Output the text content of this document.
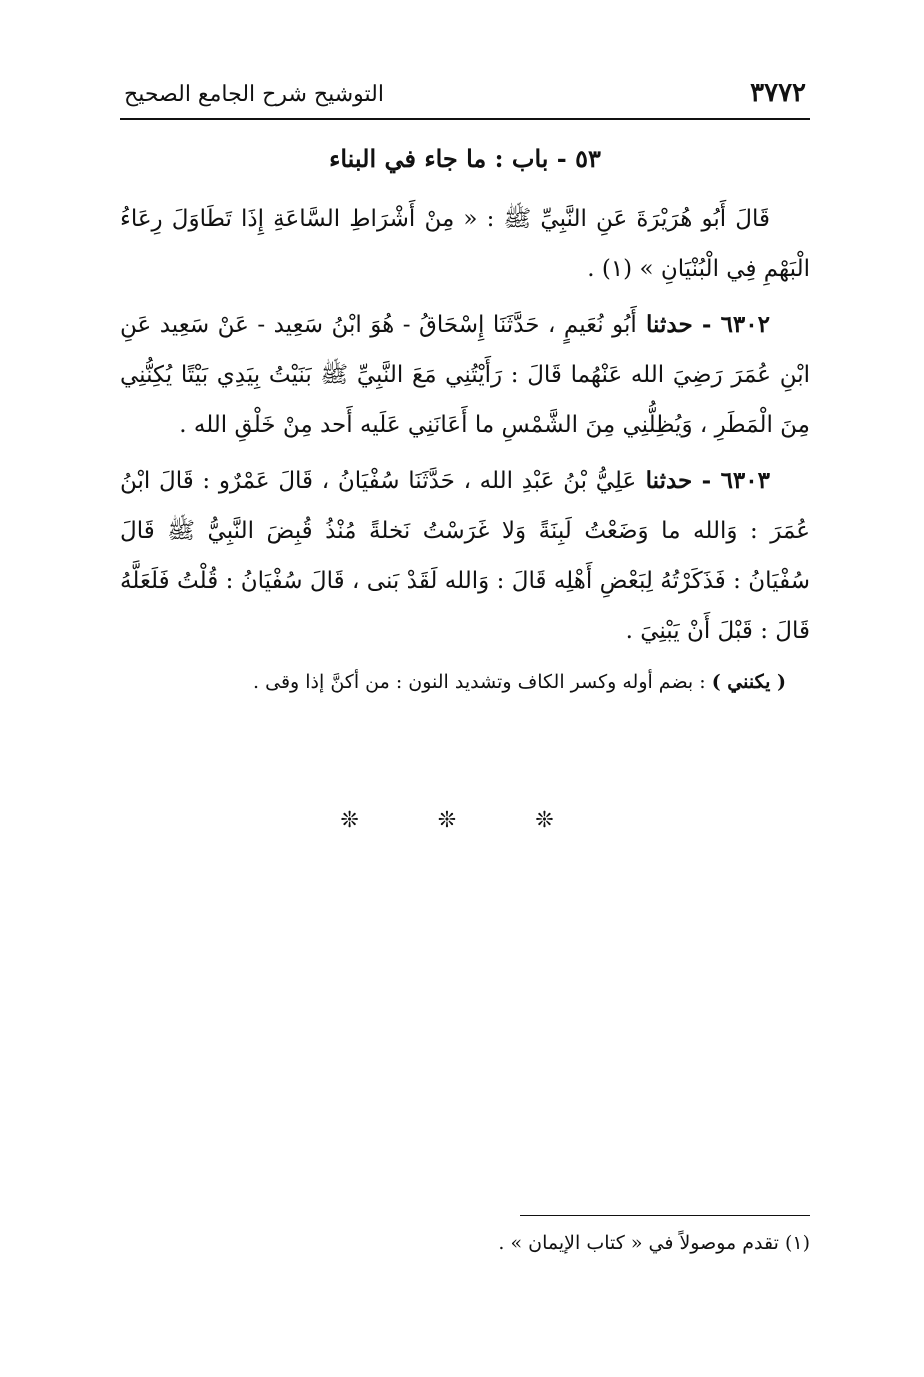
٣٧٧٢
التوشيح شرح الجامع الصحيح
٥٣ - باب : ما جاء في البناء

قَالَ أَبُو هُرَيْرَةَ عَنِ النَّبِيِّ ﷺ : « مِنْ أَشْرَاطِ السَّاعَةِ إِذَا تَطَاوَلَ رِعَاءُ الْبَهْمِ فِي الْبُنْيَانِ » (١) .

٦٣٠٢ - حدثنا أَبُو نُعَيمٍ ، حَدَّثَنَا إِسْحَاقُ - هُوَ ابْنُ سَعِيد - عَنْ سَعِيد عَنِ ابْنِ عُمَرَ رَضِيَ الله عَنْهُما قَالَ : رَأَيْتُنِي مَعَ النَّبِيِّ ﷺ بَنَيْتُ بِيَدِي بَيْتًا يُكِنُّنِي مِنَ الْمَطَرِ ، وَيُظِلُّنِي مِنَ الشَّمْسِ ما أَعَانَنِي عَلَيه أَحد مِنْ خَلْقِ الله .

٦٣٠٣ - حدثنا عَلِيُّ بْنُ عَبْدِ الله ، حَدَّثَنَا سُفْيَانُ ، قَالَ عَمْرٌو : قَالَ ابْنُ عُمَرَ : وَالله ما وَضَعْتُ لَبِنَةً وَلا غَرَسْتُ نَخلةً مُنْذُ قُبِضَ النَّبِيُّ ﷺ قَالَ سُفْيَانُ : فَذَكَرْتُهُ لِبَعْضِ أَهْلِه قَالَ : وَالله لَقَدْ بَنى ، قَالَ سُفْيَانُ : قُلْتُ فَلَعَلَّهُ قَالَ : قَبْلَ أَنْ يَبْنِيَ .

( يكنني ) : بضم أوله وكسر الكاف وتشديد النون : من أكنَّ إذا وقى .

❊ ❊ ❊
(١) تقدم موصولاً في « كتاب الإيمان » .
